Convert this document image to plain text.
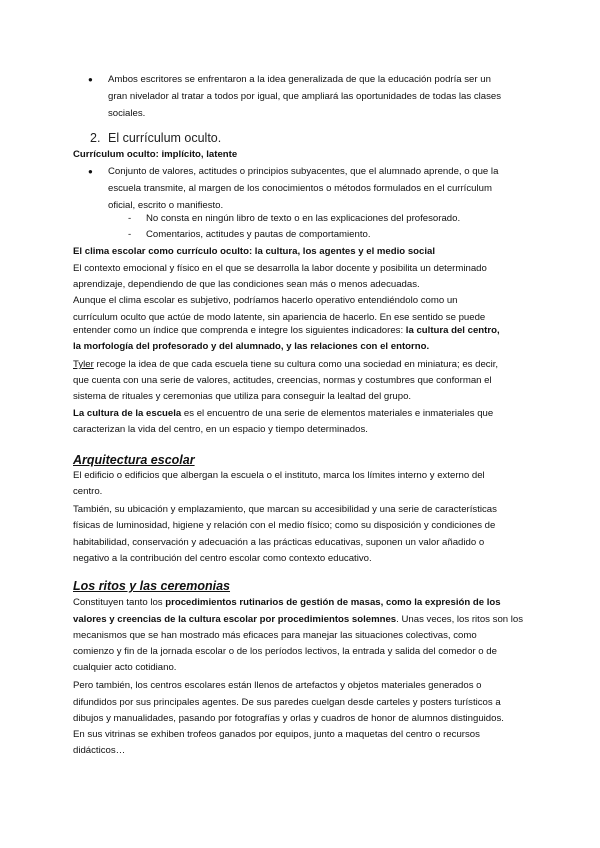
● Ambos escritores se enfrentaron a la idea generalizada de que la educación podría ser un

gran nivelador al tratar a todos por igual, que ampliará las oportunidades de todas las clases

sociales.

2. El currículum oculto.

Currículum oculto: implícito, latente

● Conjunto de valores, actitudes o principios subyacentes, que el alumnado aprende, o que la

escuela transmite, al margen de los conocimientos o métodos formulados en el currículum

oficial, escrito o manifiesto.

- No consta en ningún libro de texto o en las explicaciones del profesorado.

- Comentarios, actitudes y pautas de comportamiento.

El clima escolar como currículo oculto: la cultura, los agentes y el medio social

El contexto emocional y físico en el que se desarrolla la labor docente y posibilita un determinado

aprendizaje, dependiendo de que las condiciones sean más o menos adecuadas.

Aunque el clima escolar es subjetivo, podríamos hacerlo operativo entendiéndolo como un

currículum oculto que actúe de modo latente, sin apariencia de hacerlo. En ese sentido se puede

entender como un índice que comprenda e integre los siguientes indicadores: la cultura del centro,

la morfología del profesorado y del alumnado, y las relaciones con el entorno.

Tyler recoge la idea de que cada escuela tiene su cultura como una sociedad en miniatura; es decir,

que cuenta con una serie de valores, actitudes, creencias, normas y costumbres que conforman el

sistema de rituales y ceremonias que utiliza para conseguir la lealtad del grupo.

La cultura de la escuela es el encuentro de una serie de elementos materiales e inmateriales que

caracterizan la vida del centro, en un espacio y tiempo determinados.

Arquitectura escolar

El edificio o edificios que albergan la escuela o el instituto, marca los límites interno y externo del

centro.

También, su ubicación y emplazamiento, que marcan su accesibilidad y una serie de características

físicas de luminosidad, higiene y relación con el medio físico; como su disposición y condiciones de

habitabilidad, conservación y adecuación a las prácticas educativas, suponen un valor añadido o

negativo a la contribución del centro escolar como contexto educativo.

Los ritos y las ceremonias

Constituyen tanto los procedimientos rutinarios de gestión de masas, como la expresión de los

valores y creencias de la cultura escolar por procedimientos solemnes. Unas veces, los ritos son los

mecanismos que se han mostrado más eficaces para manejar las situaciones colectivas, como

comienzo y fin de la jornada escolar o de los períodos lectivos, la entrada y salida del comedor o de

cualquier acto cotidiano.

Pero también, los centros escolares están llenos de artefactos y objetos materiales generados o

difundidos por sus principales agentes. De sus paredes cuelgan desde carteles y posters turísticos a

dibujos y manualidades, pasando por fotografías y orlas y cuadros de honor de alumnos distinguidos.

En sus vitrinas se exhiben trofeos ganados por equipos, junto a maquetas del centro o recursos

didácticos…
